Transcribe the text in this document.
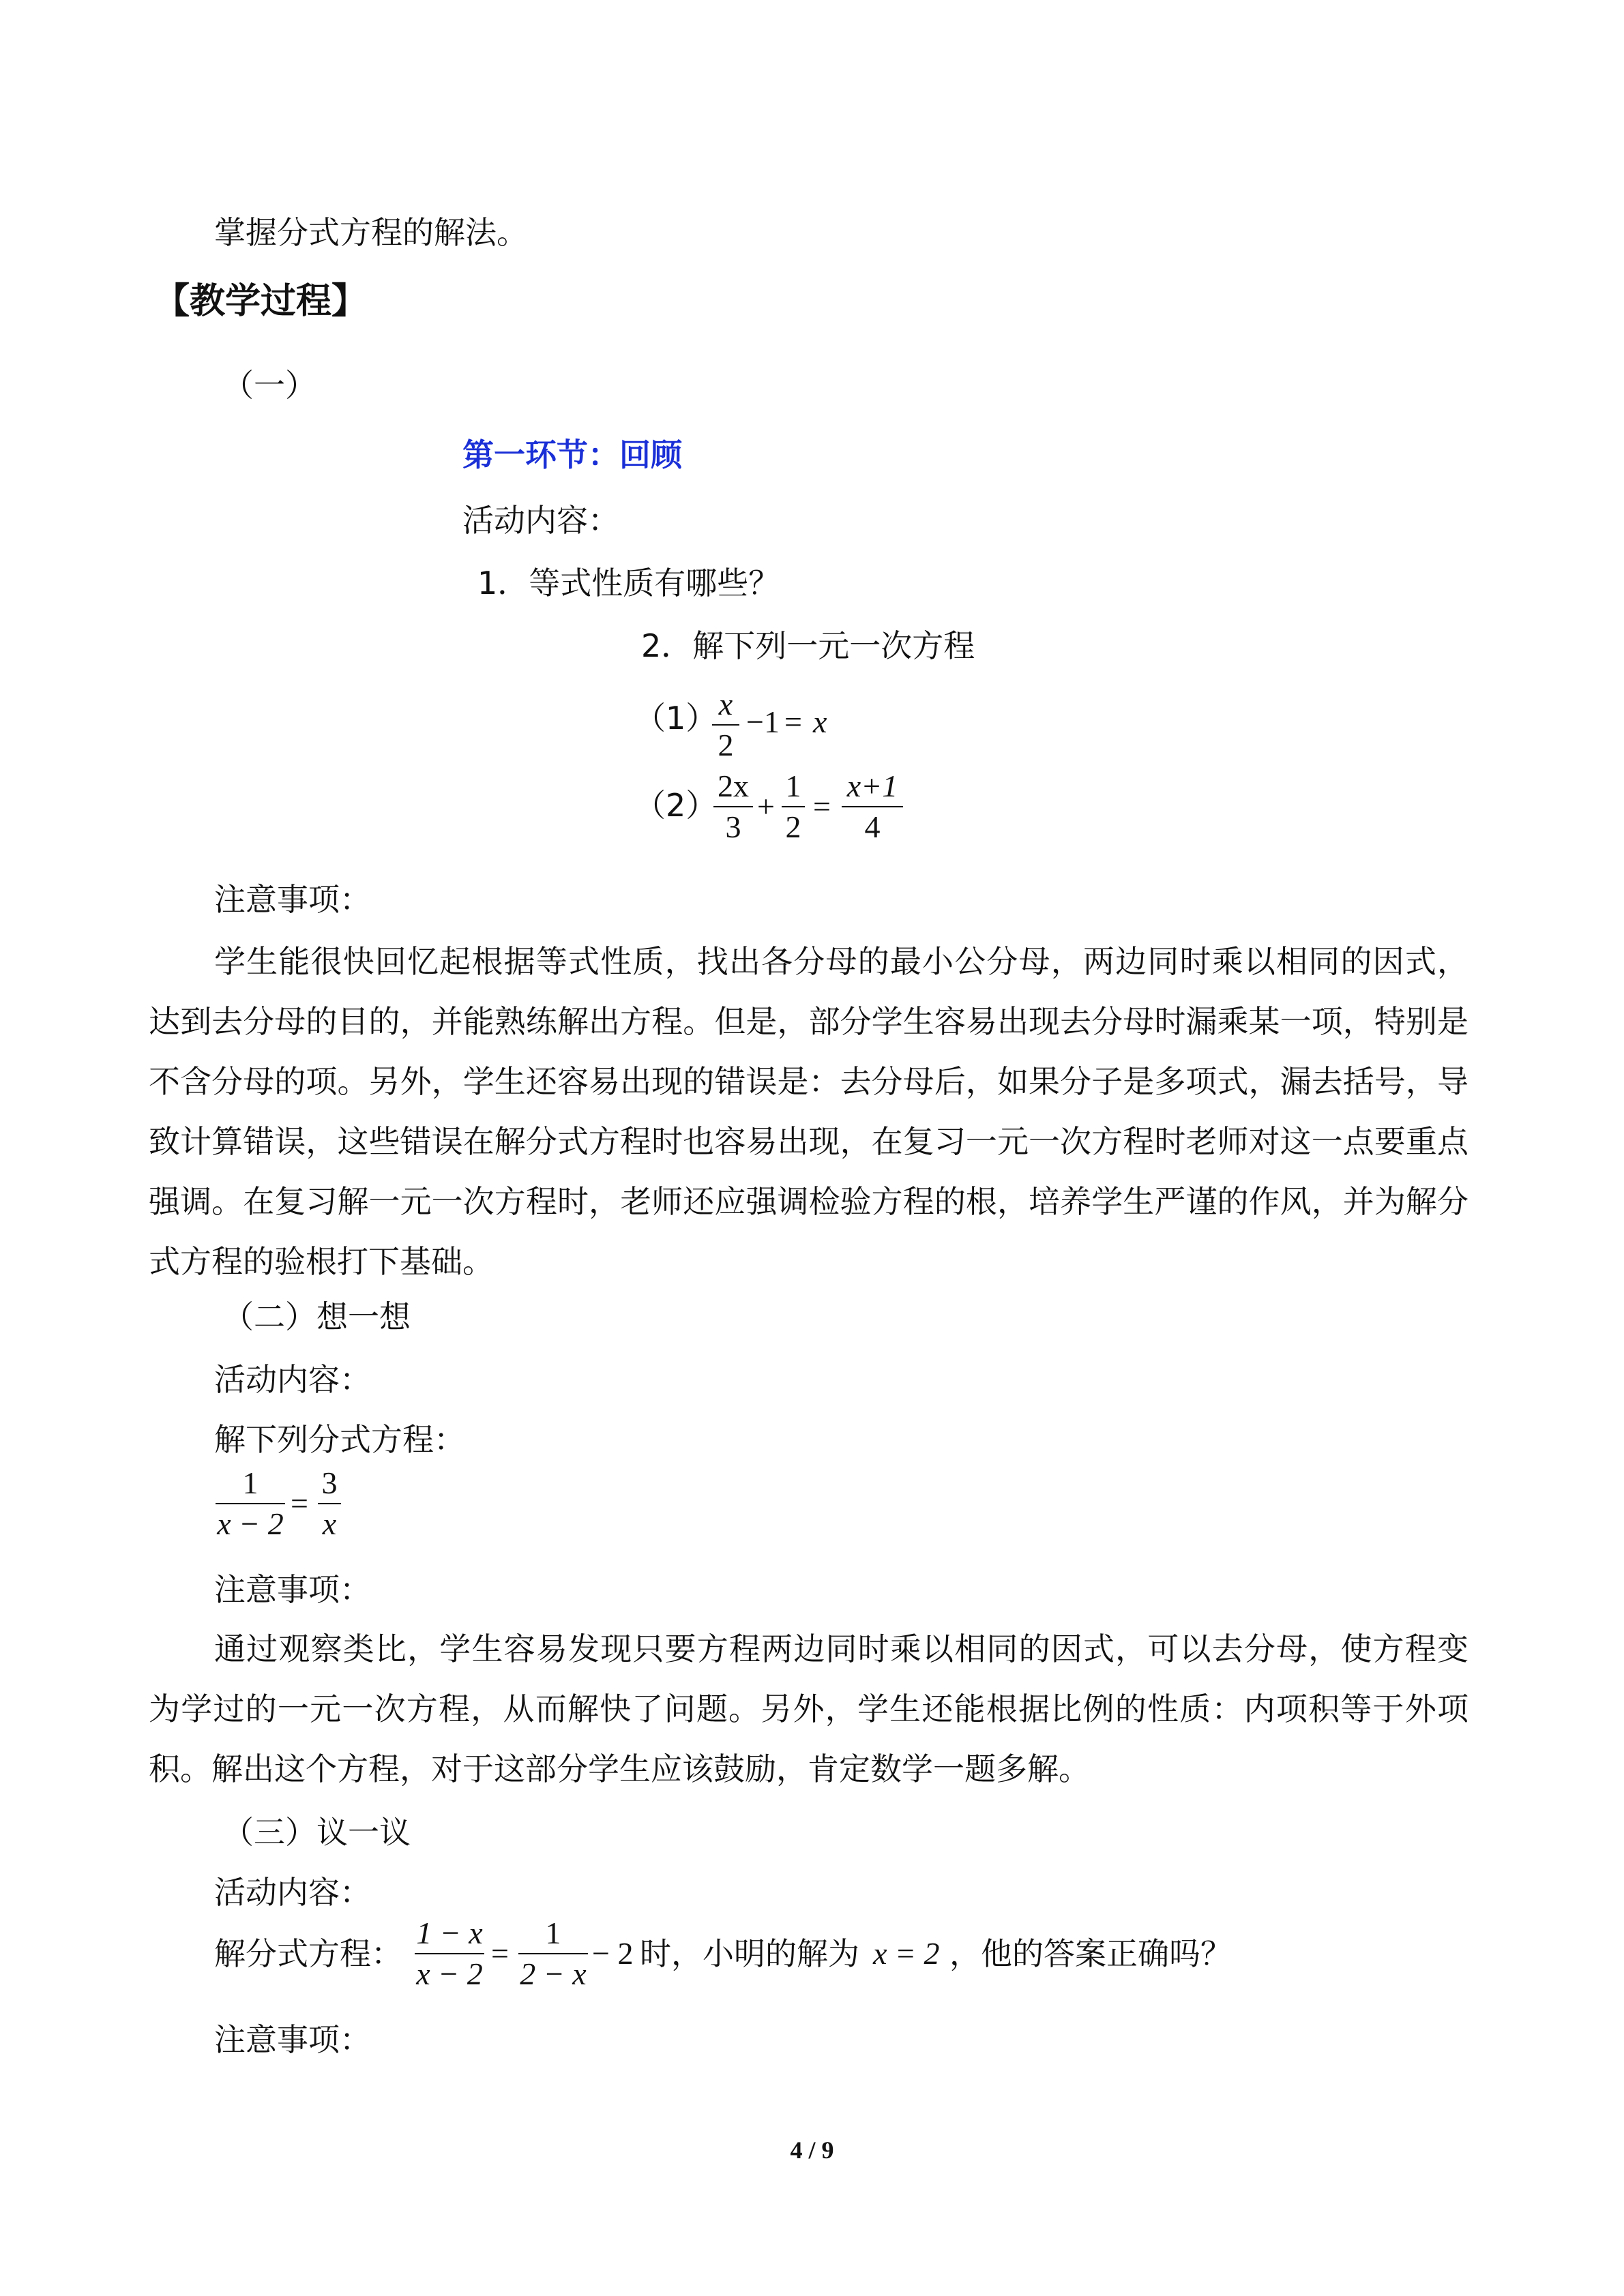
掌握分式方程的解法。
【教学过程】
（一）
第一环节：回顾
活动内容：
1．等式性质有哪些？
2．解下列一元一次方程
（1）
$\frac{x}{2} -1 = x$
（2）
$\frac{2x}{3} + \frac{1}{2} = \frac{x+1}{4}$
注意事项：

学生能很快回忆起根据等式性质，找出各分母的最小公分母，两边同时乘以相同的因式，达到去分母的目的，并能熟练解出方程。但是，部分学生容易出现去分母时漏乘某一项，特别是不含分母的项。另外，学生还容易出现的错误是：去分母后，如果分子是多项式，漏去括号，导致计算错误，这些错误在解分式方程时也容易出现，在复习一元一次方程时老师对这一点要重点强调。在复习解一元一次方程时，老师还应强调检验方程的根，培养学生严谨的作风，并为解分式方程的验根打下基础。

（二）想一想
活动内容：
解下列分式方程：
$\frac{1}{x - 2} = \frac{3}{x}$
注意事项：

通过观察类比，学生容易发现只要方程两边同时乘以相同的因式，可以去分母，使方程变为学过的一元一次方程，从而解快了问题。另外，学生还能根据比例的性质：内项积等于外项积。解出这个方程，对于这部分学生应该鼓励，肯定数学一题多解。

（三）议一议
活动内容：
解分式方程： $\frac{1 - x}{x - 2} = \frac{1}{2 - x} - 2$ 时，小明的解为 x = 2 ，他的答案正确吗？
注意事项：
4 / 9
